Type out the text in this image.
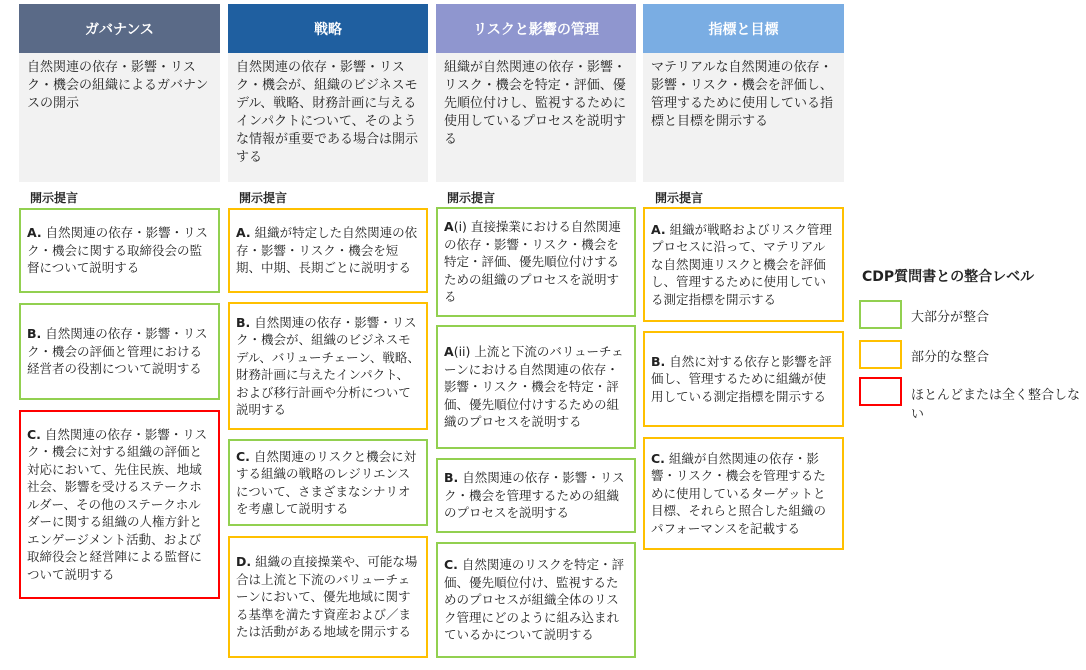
ガバナンス
自然関連の依存・影響・リスク・機会の組織によるガバナンスの開示
開示提言
A. 自然関連の依存・影響・リスク・機会に関する取締役会の監督について説明する
B. 自然関連の依存・影響・リスク・機会の評価と管理における経営者の役割について説明する
C. 自然関連の依存・影響・リスク・機会に対する組織の評価と対応において、先住民族、地域社会、影響を受けるステークホルダー、その他のステークホルダーに関する組織の人権方針とエンゲージメント活動、および取締役会と経営陣による監督について説明する
戦略
自然関連の依存・影響・リスク・機会が、組織のビジネスモデル、戦略、財務計画に与えるインパクトについて、そのような情報が重要である場合は開示する
開示提言
A. 組織が特定した自然関連の依存・影響・リスク・機会を短期、中期、長期ごとに説明する
B. 自然関連の依存・影響・リスク・機会が、組織のビジネスモデル、バリューチェーン、戦略、財務計画に与えたインパクト、および移行計画や分析について説明する
C. 自然関連のリスクと機会に対する組織の戦略のレジリエンスについて、さまざまなシナリオを考慮して説明する
D. 組織の直接操業や、可能な場合は上流と下流のバリューチェーンにおいて、優先地域に関する基準を満たす資産および／または活動がある地域を開示する
リスクと影響の管理
組織が自然関連の依存・影響・リスク・機会を特定・評価、優先順位付けし、監視するために使用しているプロセスを説明する
開示提言
A(i) 直接操業における自然関連の依存・影響・リスク・機会を特定・評価、優先順位付けするための組織のプロセスを説明する
A(ii) 上流と下流のバリューチェーンにおける自然関連の依存・影響・リスク・機会を特定・評価、優先順位付けするための組織のプロセスを説明する
B. 自然関連の依存・影響・リスク・機会を管理するための組織のプロセスを説明する
C. 自然関連のリスクを特定・評価、優先順位付け、監視するためのプロセスが組織全体のリスク管理にどのように組み込まれているかについて説明する
指標と目標
マテリアルな自然関連の依存・影響・リスク・機会を評価し、管理するために使用している指標と目標を開示する
開示提言
A. 組織が戦略およびリスク管理プロセスに沿って、マテリアルな自然関連リスクと機会を評価し、管理するために使用している測定指標を開示する
B. 自然に対する依存と影響を評価し、管理するために組織が使用している測定指標を開示する
C. 組織が自然関連の依存・影響・リスク・機会を管理するために使用しているターゲットと目標、それらと照合した組織のパフォーマンスを記載する
CDP質問書との整合レベル
大部分が整合
部分的な整合
ほとんどまたは全く整合しない
